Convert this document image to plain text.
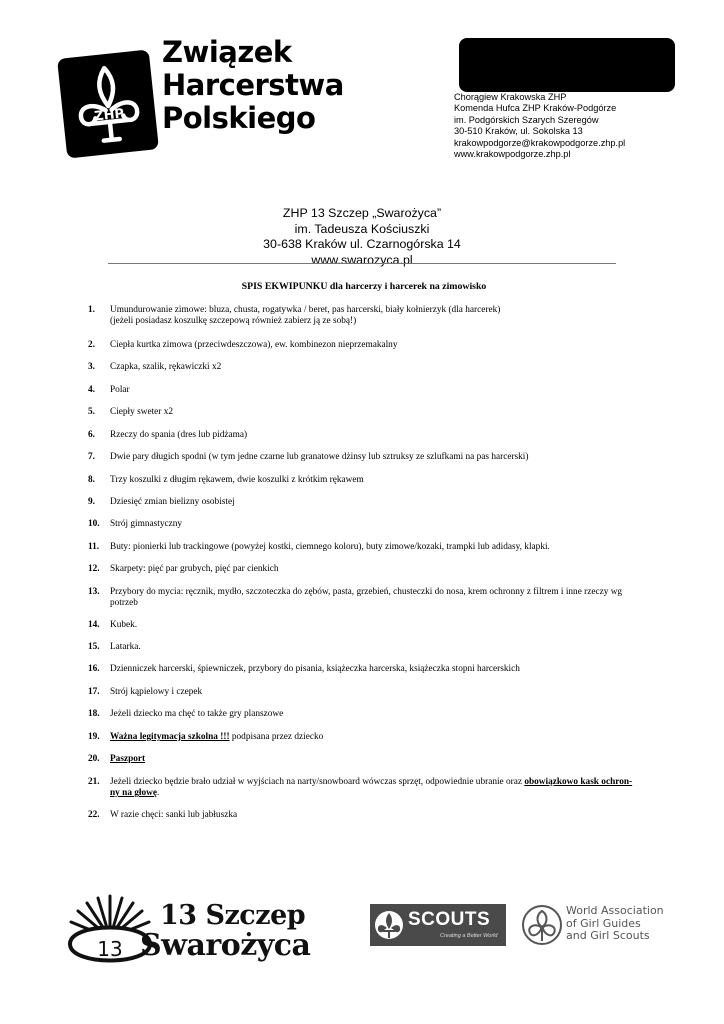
ZHP
Związek
Harcerstwa
Polskiego
Chorągiew Krakowska ZHP
Komenda Hufca ZHP Kraków-Podgórze
im. Podgórskich Szarych Szeregów
30-510 Kraków, ul. Sokolska 13
krakowpodgorze@krakowpodgorze.zhp.pl
www.krakowpodgorze.zhp.pl
ZHP 13 Szczep „Swarożyca”
im. Tadeusza Kościuszki
30-638 Kraków ul. Czarnogórska 14
www.swarozyca.pl
SPIS EKWIPUNKU dla harcerzy i harcerek na zimowisko
1. Umundurowanie zimowe: bluza, chusta, rogatywka / beret, pas harcerski, biały kołnierzyk (dla harcerek)
(jeżeli posiadasz koszulkę szczepową również zabierz ją ze sobą!)
2. Ciepła kurtka zimowa (przeciwdeszczowa), ew. kombinezon nieprzemakalny
3. Czapka, szalik, rękawiczki x2
4. Polar
5. Ciepły sweter x2
6. Rzeczy do spania (dres lub pidżama)
7. Dwie pary długich spodni (w tym jedne czarne lub granatowe dżinsy lub sztruksy ze szlufkami na pas harcerski)
8. Trzy koszulki z długim rękawem, dwie koszulki z krótkim rękawem
9. Dziesięć zmian bielizny osobistej
10. Strój gimnastyczny
11. Buty: pionierki lub trackingowe (powyżej kostki, ciemnego koloru), buty zimowe/kozaki, trampki lub adidasy, klapki.
12. Skarpety: pięć par grubych, pięć par cienkich
13. Przybory do mycia: ręcznik, mydło, szczoteczka do zębów, pasta, grzebień, chusteczki do nosa, krem ochronny z filtrem i inne rzeczy wg
potrzeb
14. Kubek.
15. Latarka.
16. Dzienniczek harcerski, śpiewniczek, przybory do pisania, książeczka harcerska, książeczka stopni harcerskich
17. Strój kąpielowy i czepek
18. Jeżeli dziecko ma chęć to także gry planszowe
19. Ważna legitymacja szkolna !!! podpisana przez dziecko
20. Paszport
21. Jeżeli dziecko będzie brało udział w wyjściach na narty/snowboard wówczas sprzęt, odpowiednie ubranie oraz obowiązkowo kask ochron-
ny na głowę.
22. W razie chęci: sanki lub jabłuszka
13
13 Szczep
Swarożyca
SCOUTS
Creating a Better World
World Association
of Girl Guides
and Girl Scouts
